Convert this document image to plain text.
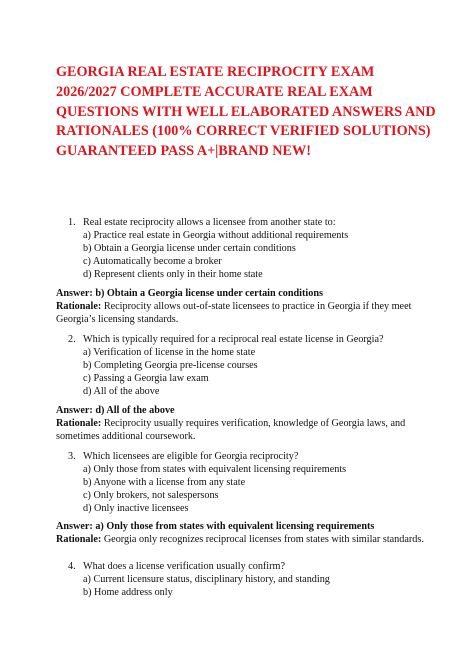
GEORGIA REAL ESTATE RECIPROCITY EXAM 2026/2027 COMPLETE ACCURATE REAL EXAM QUESTIONS WITH WELL ELABORATED ANSWERS AND RATIONALES (100% CORRECT VERIFIED SOLUTIONS) GUARANTEED PASS A+|BRAND NEW!
1. Real estate reciprocity allows a licensee from another state to:
a) Practice real estate in Georgia without additional requirements
b) Obtain a Georgia license under certain conditions
c) Automatically become a broker
d) Represent clients only in their home state
Answer: b) Obtain a Georgia license under certain conditions
Rationale: Reciprocity allows out-of-state licensees to practice in Georgia if they meet Georgia’s licensing standards.
2. Which is typically required for a reciprocal real estate license in Georgia?
a) Verification of license in the home state
b) Completing Georgia pre-license courses
c) Passing a Georgia law exam
d) All of the above
Answer: d) All of the above
Rationale: Reciprocity usually requires verification, knowledge of Georgia laws, and sometimes additional coursework.
3. Which licensees are eligible for Georgia reciprocity?
a) Only those from states with equivalent licensing requirements
b) Anyone with a license from any state
c) Only brokers, not salespersons
d) Only inactive licensees
Answer: a) Only those from states with equivalent licensing requirements
Rationale: Georgia only recognizes reciprocal licenses from states with similar standards.
4. What does a license verification usually confirm?
a) Current licensure status, disciplinary history, and standing
b) Home address only
